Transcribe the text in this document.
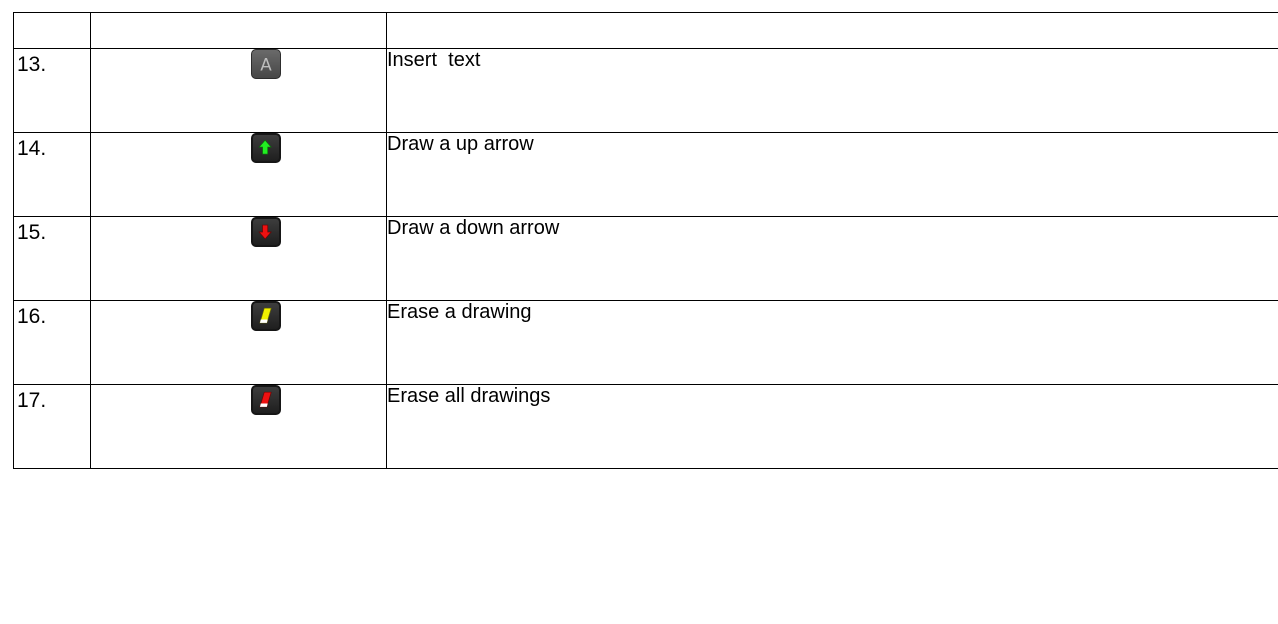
13.	A	Insert  text

14.		Draw a up arrow

15.		Draw a down arrow

16.		Erase a drawing

17.		Erase all drawings
